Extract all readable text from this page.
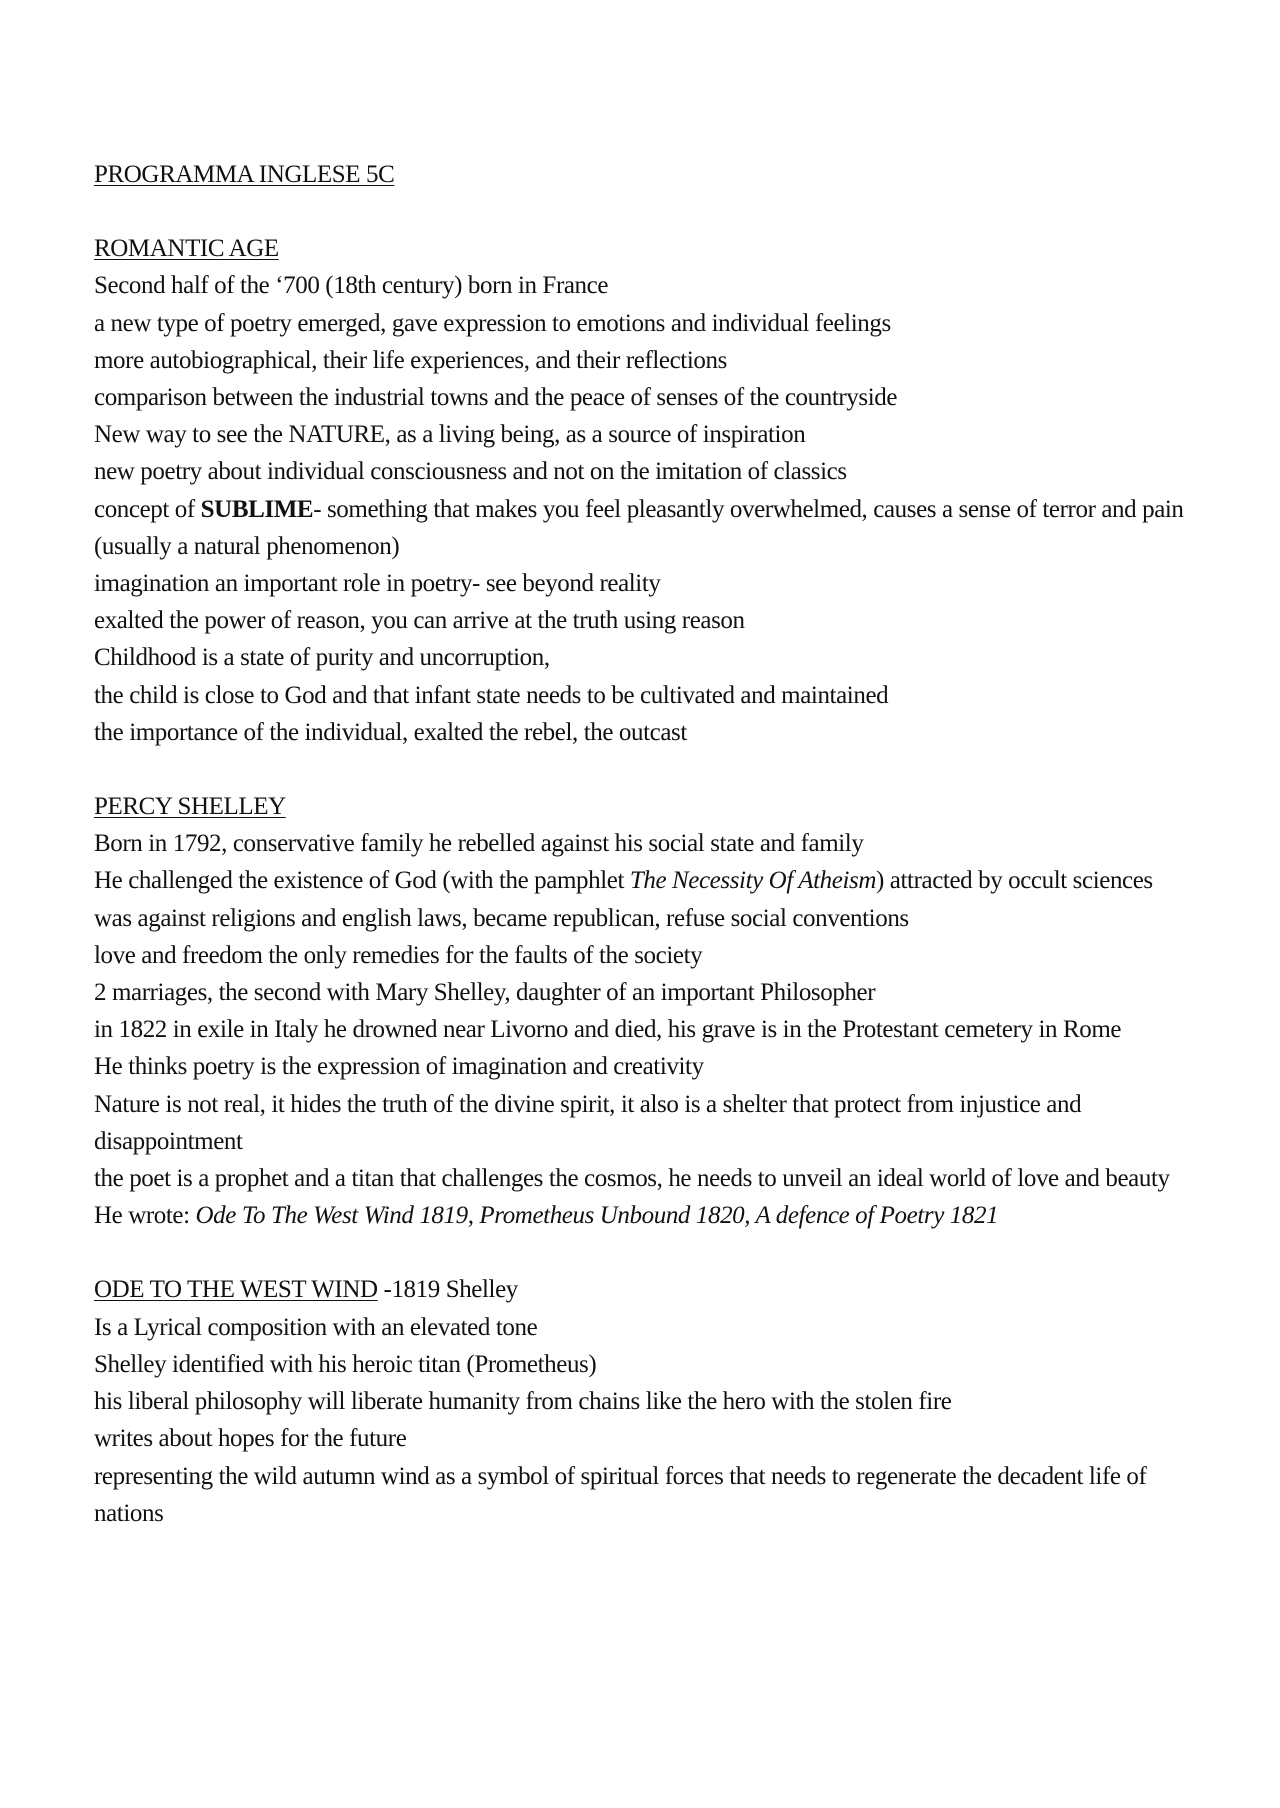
PROGRAMMA INGLESE 5C
ROMANTIC AGE
Second half of the ‘700 (18th century) born in France
a new type of poetry emerged, gave expression to emotions and individual feelings
more autobiographical, their life experiences, and their reflections
comparison between the industrial towns and the peace of senses of the countryside
New way to see the NATURE, as a living being, as a source of inspiration
new poetry about individual consciousness and not on the imitation of classics
concept of SUBLIME- something that makes you feel pleasantly overwhelmed, causes a sense of terror and pain (usually a natural phenomenon)
imagination an important role in poetry- see beyond reality
exalted the power of reason, you can arrive at the truth using reason
Childhood is a state of purity and uncorruption,
the child is close to God and that infant state needs to be cultivated and maintained
the importance of the individual, exalted the rebel, the outcast
PERCY SHELLEY
Born in 1792, conservative family he rebelled against his social state and family
He challenged the existence of God (with the pamphlet The Necessity Of Atheism) attracted by occult sciences
was against religions and english laws, became republican, refuse social conventions
love and freedom the only remedies for the faults of the society
2 marriages, the second with Mary Shelley, daughter of an important Philosopher
in 1822 in exile in Italy he drowned near Livorno and died, his grave is in the Protestant cemetery in Rome
He thinks poetry is the expression of imagination and creativity
Nature is not real, it hides the truth of the divine spirit, it also is a shelter that protect from injustice and disappointment
the poet is a prophet and a titan that challenges the cosmos, he needs to unveil an ideal world of love and beauty
He wrote: Ode To The West Wind 1819, Prometheus Unbound 1820, A defence of Poetry 1821
ODE TO THE WEST WIND -1819 Shelley
Is a Lyrical composition with an elevated tone
Shelley identified with his heroic titan (Prometheus)
his liberal philosophy will liberate humanity from chains like the hero with the stolen fire
writes about hopes for the future
representing the wild autumn wind as a symbol of spiritual forces that needs to regenerate the decadent life of nations
